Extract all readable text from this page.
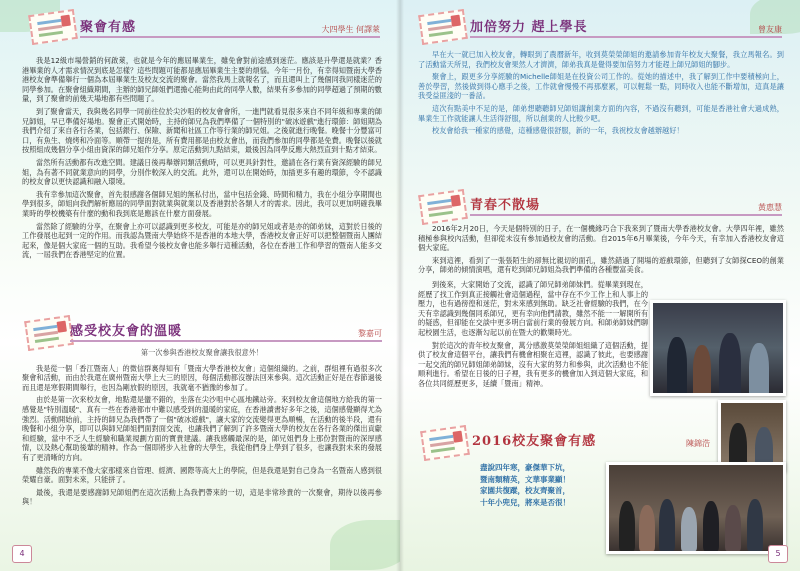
聚會有感	大四學生 何譯萊

我是12級市場營銷的何啟萊，也就是今年的應屆畢業生，雖免會對前途感到迷茫。應該是升學還是就業？香港畢業的人才需求情況到底是怎樣？這些問題可能都是應屆畢業生主要的煩惱。今年一月份，有幸得知暨南大學香港校友會準備舉行一個為本屆畢業生及校友交流的聚會。當然我馬上就報名了，而且還叫上了幾個同我同樣迷茫的同學參加。在聚會組織期間，主辦的師兄師姐們還擔心能夠由此的同學人數，結果有多參加的同學超過了預期的數量，到了聚會的前幾天場地都有些問題了。

到了聚會當天，我與幾名同學一同前往位於尖沙咀的校友會會所，一進門就看見很多來自不同年級和專業的師兄師姐，早已準備好場地。聚會正式開始時，主持的師兄為我們準備了一個特別的"破冰遊戲"進行環節：師姐期為我們介紹了來自各行各業，包括銀行、保險、新聞和社區工作等行業的師兄姐。之後就進行晚餐。晚餐十分豐富可口，有魚生、燒烤和冷面等。順帶一提的是，所有費用都是由校友會出，而我們參加的同學都是免費。晚餐以後就按照組成幾個分享小組由資深的師兄姐作分享。原定活動到九點結束，最後因為同學反應大熱烈直到十點才結束。

當然所有活動都有改進空間。建議日後再舉辦同類活動時，可以更具針對性，邀請在各行業有資深經驗的師兄姐，為有著不同就業意向的同學，分別作較深入的交流。此外，還可以在開始時，加插更多有趣的環節，令不認識的校友會以更快認識和融入環境。

我有幸參加這次聚會，首先很感謝各個師兄姐的無私付出，當中包括金錢、時間和精力，我在小組分享期間也學到很多，師姐向我們解析應屆的同學面對就業與就業以及香港對於各類人才的需求。因此，我可以更加明確我畢業時的學校機築有什麼的動和我到底是應該在什麼方面發展。

當然除了經驗的分享，在聚會上亦可以認識到更多校友，可能是亦的師兄姐或者是亦的師弟妹，這對於日後的工作發展也起到一定的作用。而我認為暨南大學始終不是香港的本地大學，香港校友會正好可以把整個暨南人團結起來，像是個大家庭一個的互助。我希望今後校友會也能多舉行這種活動，各位在香港工作和學習的暨南人能多交流，一屆我們在香港堅定的位置。

感受校友會的溫暖	黎嘉可

第一次參與香港校友聚會讓我很意外！

我是從一個「香江暨南人」的微信群裏得知有「暨南大學香港校友會」這個組織的。之前，群組裡有過很多次聚會和活動，而由於我還在廣州暨南大學上大三的原因，每個活動都沒辦法回來參與。這次活動正好是在春節過後而且還是寒假期間舉行，也因為剛放假的原因，我就毫不猶豫的參加了。

由於是第一次來校友會，地點還是蠻不錯的，坐落在尖沙咀中心區地鐵站旁。來到校友會這個地方給我的第一感覺是"特別溫暖"、真有一些在香港都市中難以感受到的溫暖的家庭，在香港讀書好多年之後，這個感覺顯得尤為強烈。活動開始前，主持的師兄為我們帶了一個"破冰遊戲"，讓大家的交流變得更為順暢，在活動的後半段，還有晚餐和小組分享，即可以與師兄師姐們面對面交流，也讓我們了解到了許多暨南大學的校友在各行各業的傑出貢獻和經驗，當中不乏人生經驗和職業規劃方面的寶貴建議。讓我感觸最深的是，師兄姐們身上那份對暨南的深厚感情，以及熱心幫助後輩的精神。作為一個即將步入社會的大學生，我從他們身上學到了很多，也讓我對未來的發展有了更清晰的方向。

雖然我的專業不像大家那樣來自管理、經濟、國際等高大上的學院，但是我還是對自己身為一名暨南人感到很榮耀自豪。面對未來，只能拼了。

最後，我還是要感謝師兄師姐們在這次活動上為我們帶來的一切，這是非常珍貴的一次聚會，期待以後再參與！

4
加倍努力 趕上學長	曾友康

早在大一就已加入校友會，轉眼到了農曆新年，收到莫榮榮師姐的邀請參加青年校友大聚餐，我立馬報名。到了活動當天所見，我們校友會果然人才濟濟，師弟我真是覺得要加倍努力才能趕上師兄師姐的腳步。

聚會上，跟更多分享經驗的Michelle師姐是在投資公司工作的。從她的描述中，我了解到工作中要積極向上，善於學習，然後做到得心應手之後，工作就會慢慢不再那麼累，可以輕鬆一點，同時收入也能不斷增加，這真是讓我受益匪淺的一番話。

這次有點美中不足的是，師弟想聽聽師兄師姐講創業方面的內容，不過沒有聽到，可能是香港社會大過成熟，畢業生工作就能讓人生活得舒服，所以創業的人比較少吧。

校友會給我一種家的感覺，這種感覺很舒服，新的一年，我祝校友會越辦越好！

青春不散場	黃惠慧

2016年2月20日，今天是個特別的日子，在一個機緣巧合下我來到了暨南大學香港校友會。大學四年裡，雖然積極參與校內活動，但卻從未沒有參加過校友會的活動。自2015年6月畢業後，今年今天，有幸加入香港校友會這個大家庭。

來到這裡，看到了一張張陌生的卻無比親切的面孔，雖然錯過了開場的遊戲環節，但聽到了女師探CEO的創業分享，師弟的傾情演唱，還有吃到師兄師姐為我們準備的各種豐富美食。

到後來，大家開始了交流，認識了師兄師弟師妹們。從畢業到現在，經歷了找工作到真正接觸社會這個過程，當中存在不少工作上和人事上的壓力，也有過徬徨和迷茫，對未來感到無助。缺乏社會經驗的我們，在今天有幸認識到幾個同系師兄，更有幸向他們請教，雖然不能一一解開所有的疑惑，但卻能在交談中更多明白當前行業的發展方向。和師弟師妹們聊起校園生活，也逐漸勾起以前在暨大的歡樂時光。

對於這次的青年校友聚會，萬分感激莫榮榮師姐組織了這個活動，提供了校友會這個平台，讓我們有機會相聚在這裡，認識了彼此，也要感謝一起交流的師兄師姐師弟師妹，沒有大家的努力和參與，此次活動也不能順利進行。希望在日後的日子裡，我有更多的機會加入到這個大家庭，和各位共同經歷更多，延續「暨南」精神。

2016校友聚會有感	陳錦浩
盡說四年寒，豪傑華下坑，
暨南類精英，文華事業顯！
家園共復蹤，校友齊聚首，
十年小兜兒，將來是否很！
5
